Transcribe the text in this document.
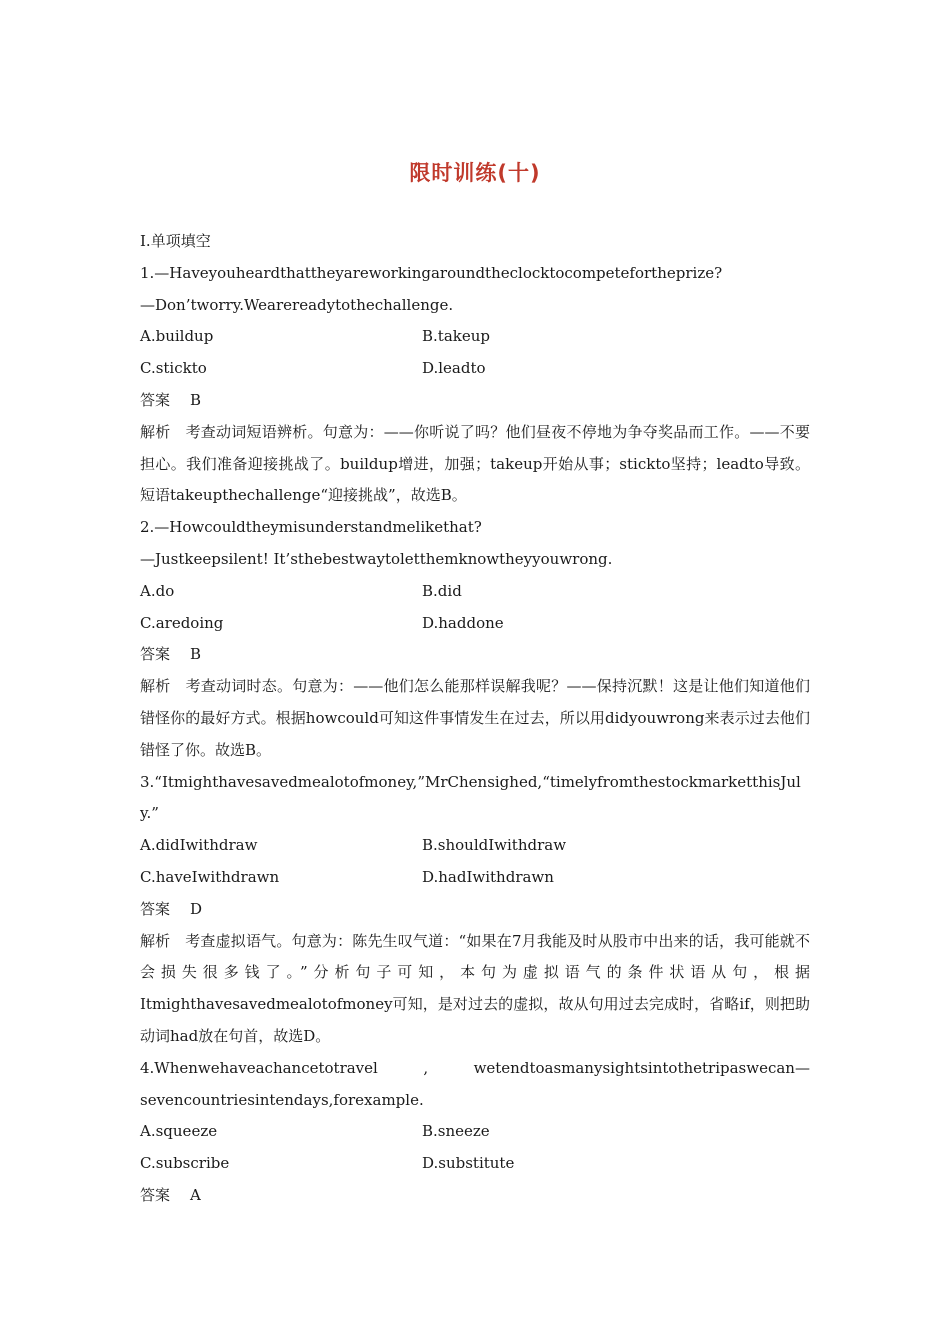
限时训练(十)
Ⅰ.单项填空
1.—Haveyouheardthattheyareworkingaroundtheclocktocompetefortheprize?
—Don’tworry.Wearereadytothechallenge.
A.buildup	B.takeup
C.stickto	D.leadto
答案	B
解析 考查动词短语辨析。句意为：——你听说了吗？他们昼夜不停地为争夺奖品而工作。——不要担心。我们准备迎接挑战了。buildup增进，加强；takeup开始从事；stickto坚持；leadto导致。短语takeupthechallenge“迎接挑战”，故选B。
2.—Howcouldtheymisunderstandmelikethat?
—Justkeepsilent! It’sthebestwaytoletthemknowtheyyouwrong.
A.do	B.did
C.aredoing	D.haddone
答案	B
解析 考查动词时态。句意为：——他们怎么能那样误解我呢？——保持沉默！这是让他们知道他们错怪你的最好方式。根据howcould可知这件事情发生在过去，所以用didyouwrong来表示过去他们错怪了你。故选B。
3.“Itmighthavesavedmealotofmoney,”MrChensighed,“timelyfromthestockmarketthisJuly.”
A.didIwithdraw	B.shouldIwithdraw
C.haveIwithdrawn	D.hadIwithdrawn
答案	D
解析 考查虚拟语气。句意为：陈先生叹气道：“如果在7月我能及时从股市中出来的话，我可能就不会损失很多钱了。”分析句子可知，本句为虚拟语气的条件状语从句，根据Itmighthavesavedmealotofmoney可知，是对过去的虚拟，故从句用过去完成时，省略if，则把助动词had放在句首，故选D。
4.Whenwehaveachancetotravel	,	wetendtoasmanysightsintothetripaswecan—
sevencountriesintendays,forexample.
A.squeeze	B.sneeze
C.subscribe	D.substitute
答案	A
